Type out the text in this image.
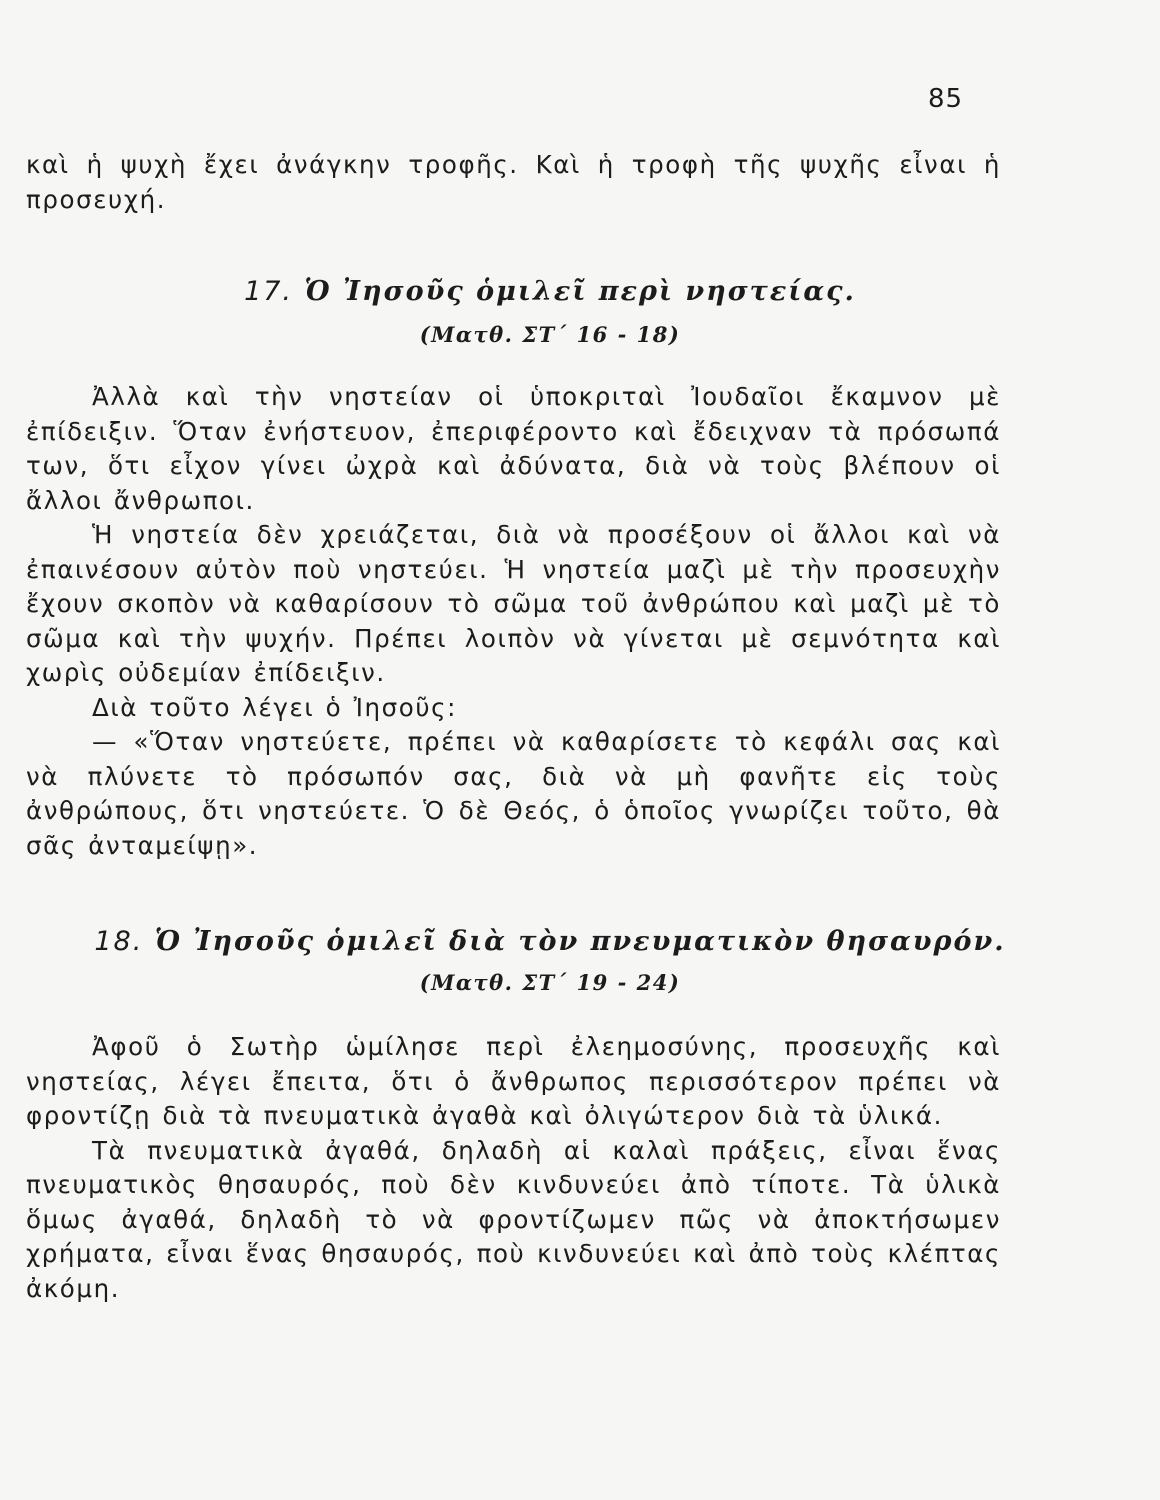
85

καὶ ἡ ψυχὴ ἔχει ἀνάγκην τροφῆς. Καὶ ἡ τροφὴ τῆς ψυχῆς εἶναι ἡ προσευχή.

17. Ὁ Ἰησοῦς ὁμιλεῖ περὶ νηστείας.
(Ματθ. ΣΤ΄ 16 - 18)

Ἀλλὰ καὶ τὴν νηστείαν οἱ ὑποκριταὶ Ἰουδαῖοι ἔκαμνον μὲ ἐπίδειξιν. Ὅταν ἐνήστευον, ἐπεριφέροντο καὶ ἔδειχναν τὰ πρόσωπά των, ὅτι εἶχον γίνει ὠχρὰ καὶ ἀδύνατα, διὰ νὰ τοὺς βλέπουν οἱ ἄλλοι ἄνθρωποι.

Ἡ νηστεία δὲν χρειάζεται, διὰ νὰ προσέξουν οἱ ἄλλοι καὶ νὰ ἐπαινέσουν αὐτὸν ποὺ νηστεύει. Ἡ νηστεία μαζὶ μὲ τὴν προσευχὴν ἔχουν σκοπὸν νὰ καθαρίσουν τὸ σῶμα τοῦ ἀνθρώπου καὶ μαζὶ μὲ τὸ σῶμα καὶ τὴν ψυχήν. Πρέπει λοιπὸν νὰ γίνεται μὲ σεμνότητα καὶ χωρὶς οὐδεμίαν ἐπίδειξιν.

Διὰ τοῦτο λέγει ὁ Ἰησοῦς:

— «Ὅταν νηστεύετε, πρέπει νὰ καθαρίσετε τὸ κεφάλι σας καὶ νὰ πλύνετε τὸ πρόσωπόν σας, διὰ νὰ μὴ φανῆτε εἰς τοὺς ἀνθρώπους, ὅτι νηστεύετε. Ὁ δὲ Θεός, ὁ ὁποῖος γνωρίζει τοῦτο, θὰ σᾶς ἀνταμείψῃ».

18. Ὁ Ἰησοῦς ὁμιλεῖ διὰ τὸν πνευματικὸν θησαυρόν.
(Ματθ. ΣΤ΄ 19 - 24)

Ἀφοῦ ὁ Σωτὴρ ὡμίλησε περὶ ἐλεημοσύνης, προσευχῆς καὶ νηστείας, λέγει ἔπειτα, ὅτι ὁ ἄνθρωπος περισσότερον πρέπει νὰ φροντίζῃ διὰ τὰ πνευματικὰ ἀγαθὰ καὶ ὀλιγώτερον διὰ τὰ ὑλικά.

Τὰ πνευματικὰ ἀγαθά, δηλαδὴ αἱ καλαὶ πράξεις, εἶναι ἕνας πνευματικὸς θησαυρός, ποὺ δὲν κινδυνεύει ἀπὸ τίποτε. Τὰ ὑλικὰ ὅμως ἀγαθά, δηλαδὴ τὸ νὰ φροντίζωμεν πῶς νὰ ἀποκτήσωμεν χρήματα, εἶναι ἕνας θησαυρός, ποὺ κινδυνεύει καὶ ἀπὸ τοὺς κλέπτας ἀκόμη.
